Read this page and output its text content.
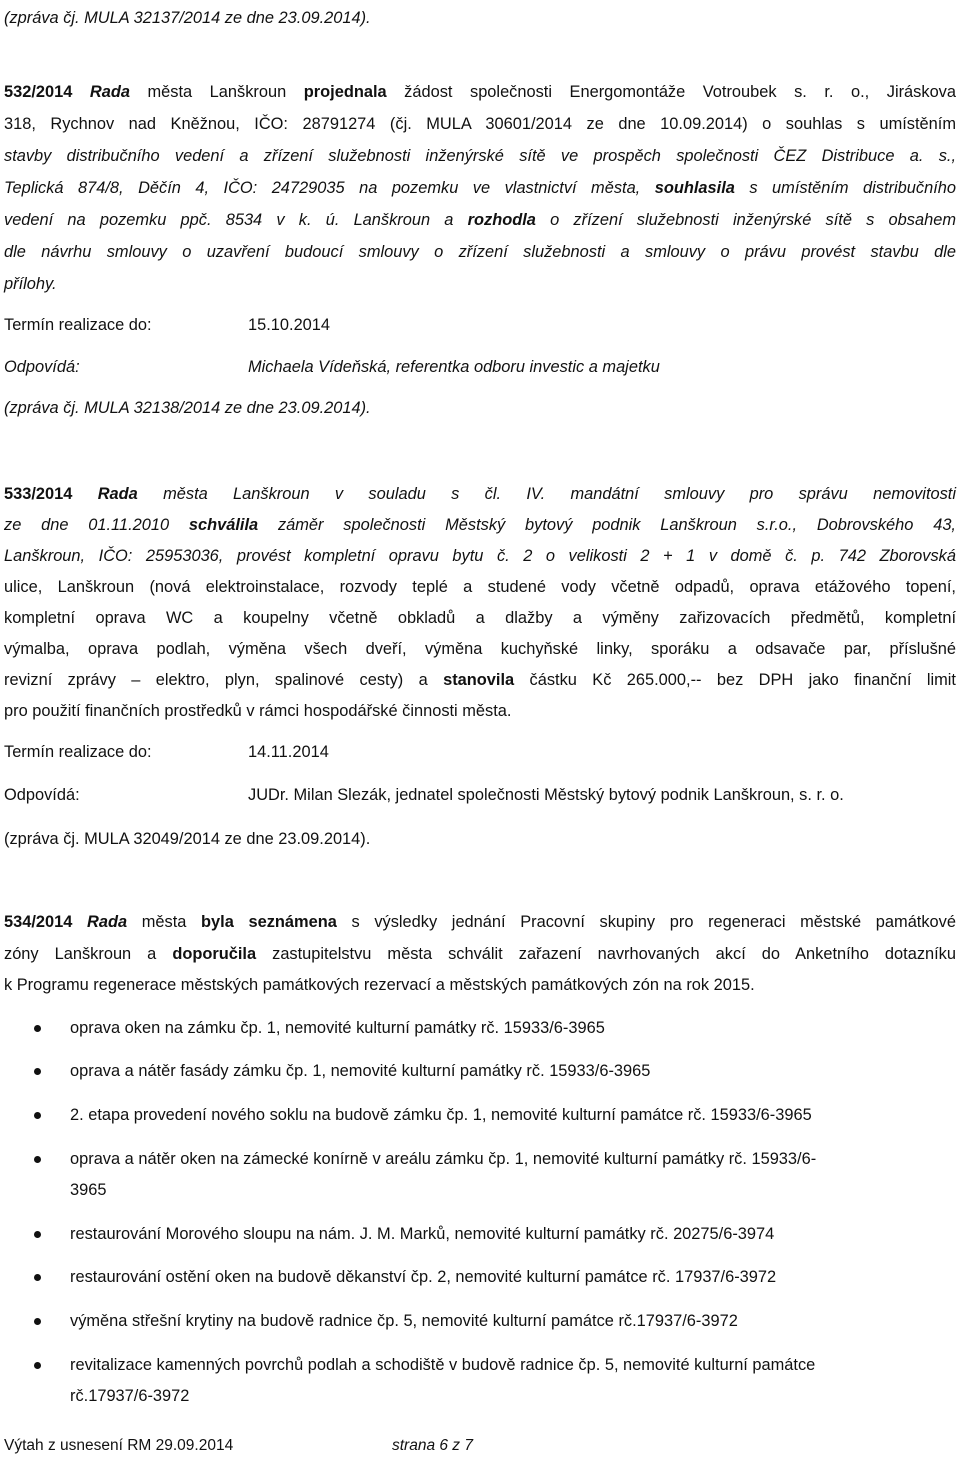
(zpráva čj. MULA 32137/2014 ze dne 23.09.2014).
532/2014 Rada města Lanškroun projednala žádost společnosti Energomontáže Votroubek s. r. o., Jiráskova
318, Rychnov nad Kněžnou, IČO: 28791274 (čj. MULA 30601/2014 ze dne 10.09.2014) o souhlas s umístěním
stavby distribučního vedení a zřízení služebnosti inženýrské sítě ve prospěch společnosti ČEZ Distribuce a. s.,
Teplická 874/8, Děčín 4, IČO: 24729035 na pozemku ve vlastnictví města, souhlasila s umístěním distribučního
vedení na pozemku ppč. 8534 v k. ú. Lanškroun a rozhodla o zřízení služebnosti inženýrské sítě s obsahem
dle návrhu smlouvy o uzavření budoucí smlouvy o zřízení služebnosti a smlouvy o právu provést stavbu dle
přílohy.
Termín realizace do:	15.10.2014
Odpovídá:	Michaela Vídeňská, referentka odboru investic a majetku
(zpráva čj. MULA 32138/2014 ze dne 23.09.2014).
533/2014 Rada města Lanškroun v souladu s čl. IV. mandátní smlouvy pro správu nemovitosti
ze dne 01.11.2010 schválila záměr společnosti Městský bytový podnik Lanškroun s.r.o., Dobrovského 43,
Lanškroun, IČO: 25953036, provést kompletní opravu bytu č. 2 o velikosti 2 + 1 v domě č. p. 742 Zborovská
ulice, Lanškroun (nová elektroinstalace, rozvody teplé a studené vody včetně odpadů, oprava etážového topení,
kompletní oprava WC a koupelny včetně obkladů a dlažby a výměny zařizovacích předmětů, kompletní
výmalba, oprava podlah, výměna všech dveří, výměna kuchyňské linky, sporáku a odsavače par, příslušné
revizní zprávy – elektro, plyn, spalinové cesty) a stanovila částku Kč 265.000,-- bez DPH jako finanční limit
pro použití finančních prostředků v rámci hospodářské činnosti města.
Termín realizace do:	14.11.2014
Odpovídá:	JUDr. Milan Slezák, jednatel společnosti Městský bytový podnik Lanškroun, s. r. o.
(zpráva čj. MULA 32049/2014 ze dne 23.09.2014).
534/2014 Rada města byla seznámena s výsledky jednání Pracovní skupiny pro regeneraci městské památkové
zóny Lanškroun a doporučila zastupitelstvu města schválit zařazení navrhovaných akcí do Anketního dotazníku
k Programu regenerace městských památkových rezervací a městských památkových zón na rok 2015.
oprava oken na zámku čp. 1, nemovité kulturní památky rč. 15933/6-3965
oprava a nátěr fasády zámku čp. 1, nemovité kulturní památky rč. 15933/6-3965
2. etapa provedení nového soklu na budově zámku čp. 1, nemovité kulturní památce rč. 15933/6-3965
oprava a nátěr oken na zámecké konírně v areálu zámku čp. 1, nemovité kulturní památky rč. 15933/6-
3965
restaurování Morového sloupu na nám. J. M. Marků, nemovité kulturní památky rč. 20275/6-3974
restaurování ostění oken na budově děkanství čp. 2, nemovité kulturní památce rč. 17937/6-3972
výměna střešní krytiny na budově radnice čp. 5, nemovité kulturní památce rč.17937/6-3972
revitalizace kamenných povrchů podlah a schodiště v budově radnice čp. 5, nemovité kulturní památce
rč.17937/6-3972
Výtah z usnesení RM 29.09.2014	strana 6 z 7
